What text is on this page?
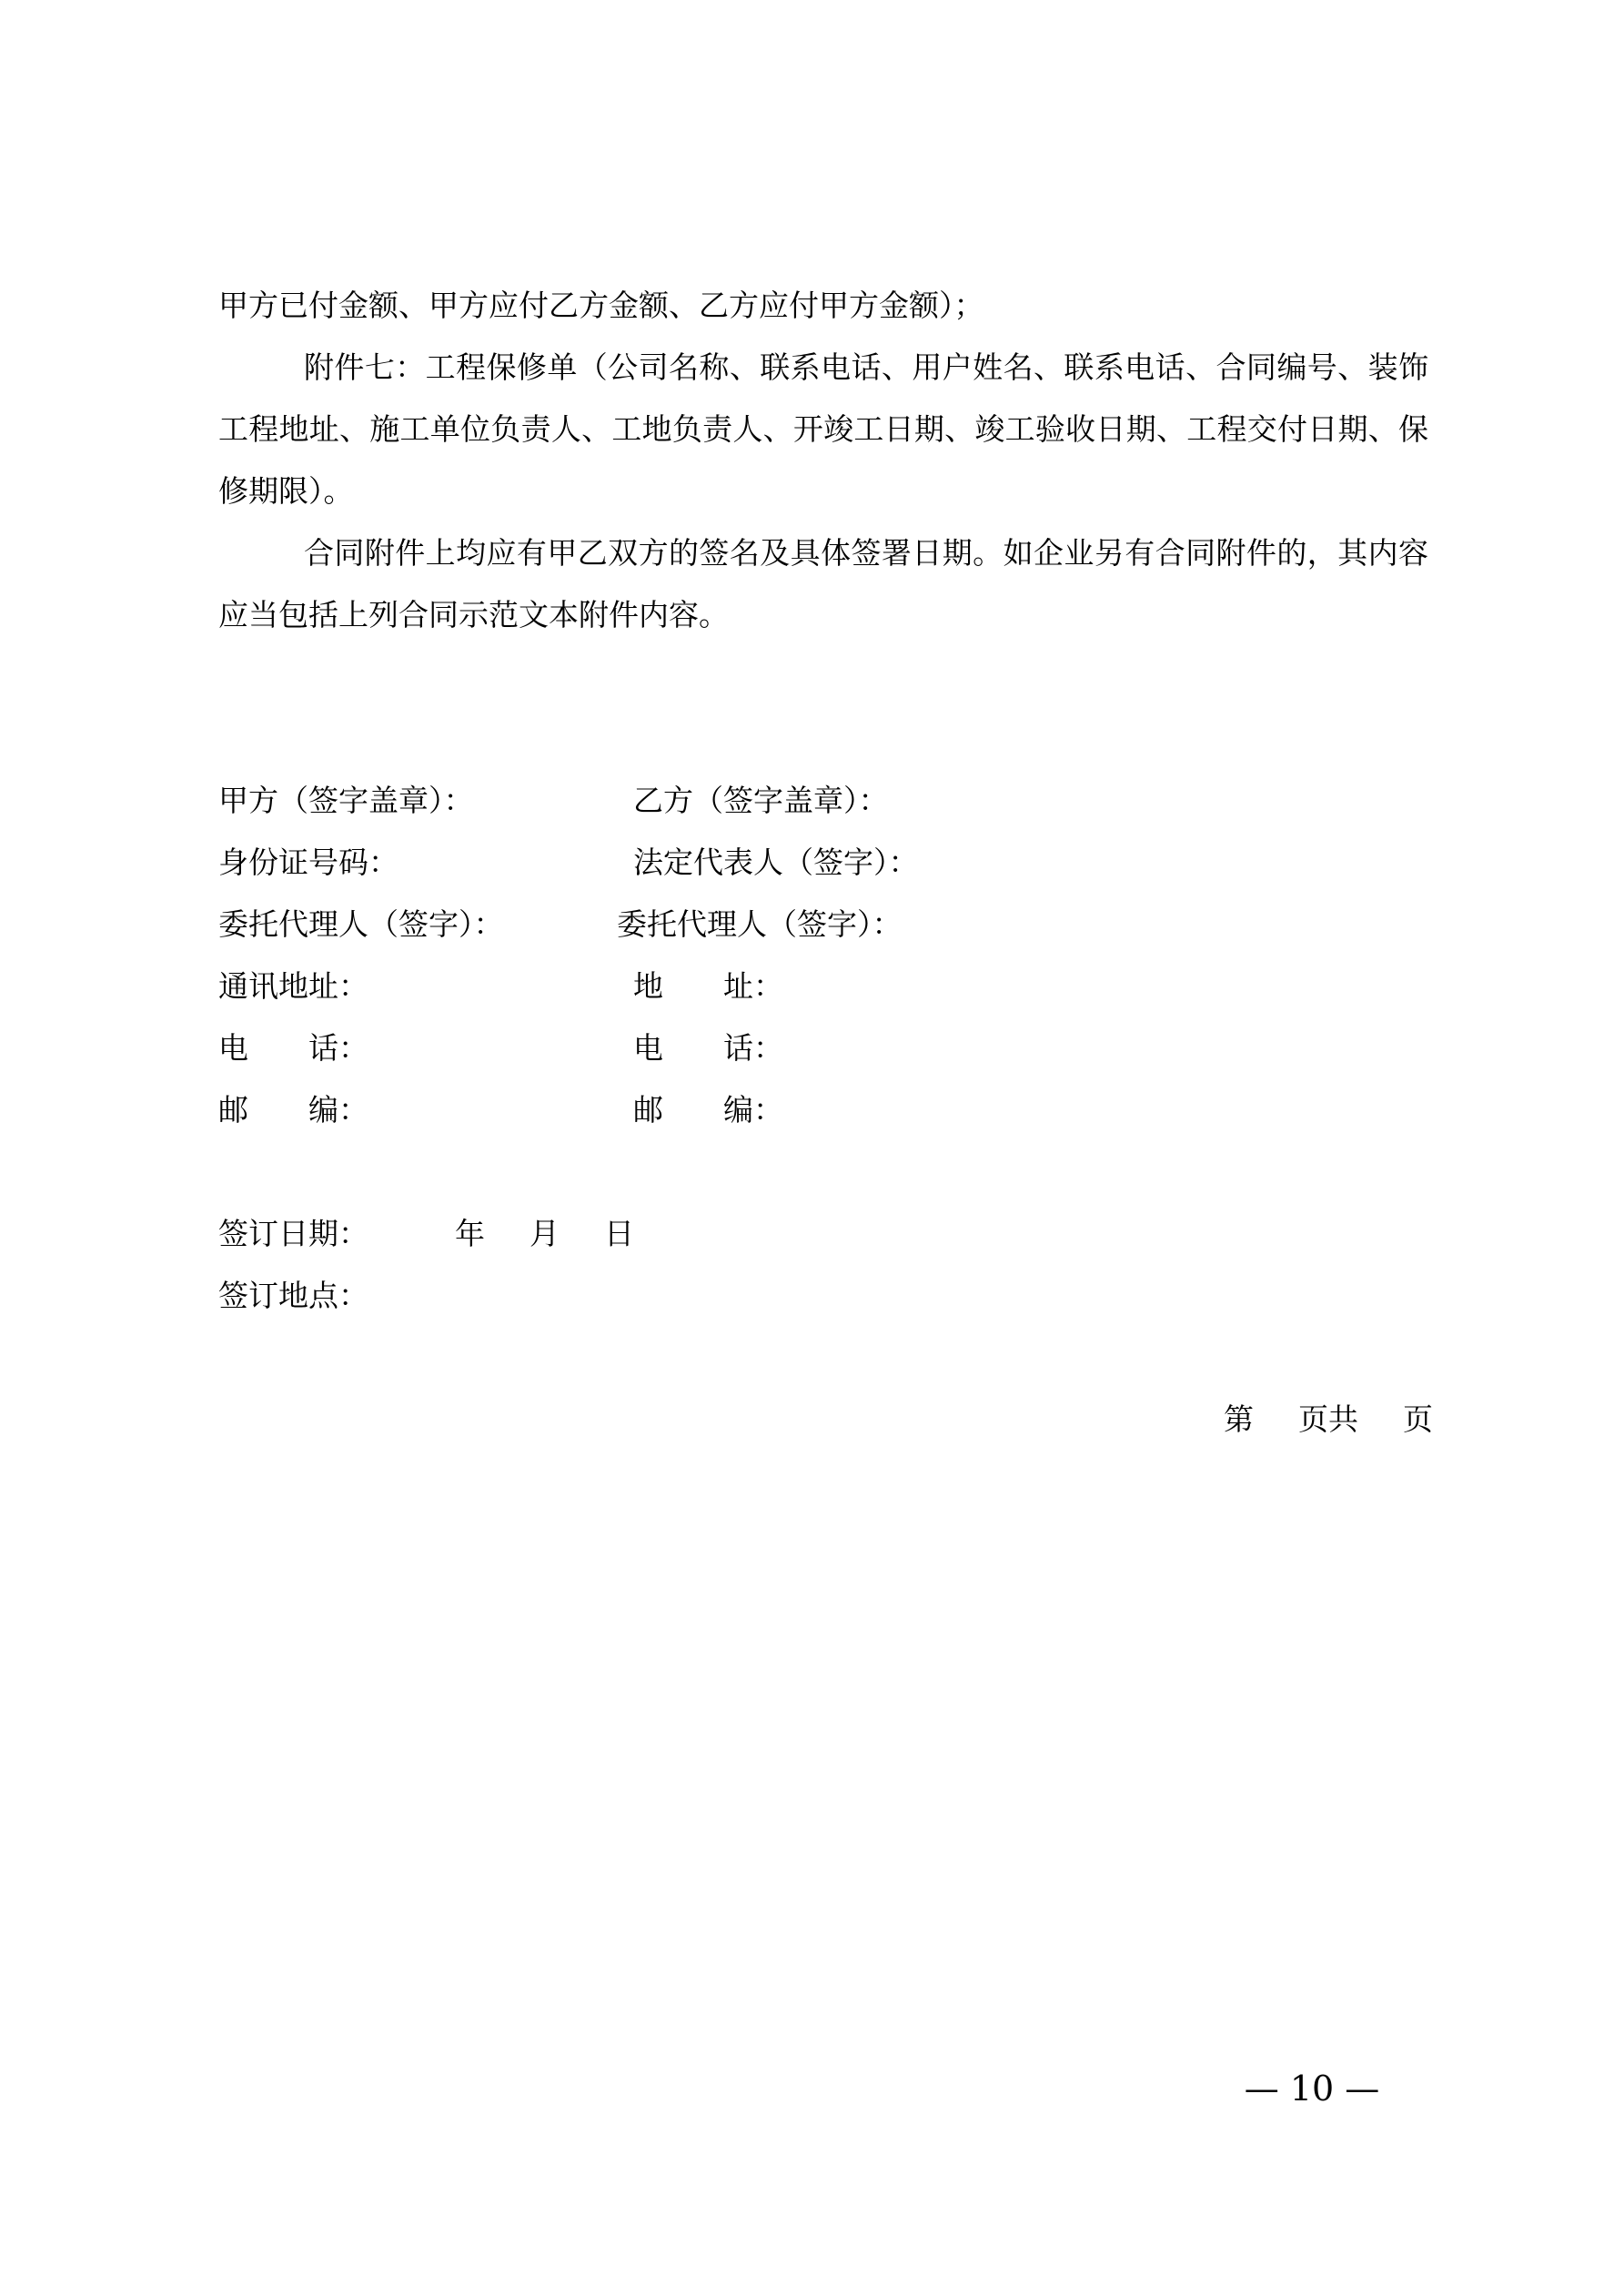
甲方已付金额、甲方应付乙方金额、乙方应付甲方金额）；

附件七：工程保修单（公司名称、联系电话、用户姓名、联系电话、合同编号、装饰工程地址、施工单位负责人、工地负责人、开竣工日期、竣工验收日期、工程交付日期、保修期限）。

合同附件上均应有甲乙双方的签名及具体签署日期。如企业另有合同附件的，其内容应当包括上列合同示范文本附件内容。

甲方（签字盖章）：
身份证号码：
委托代理人（签字）：
通讯地址：
电　　话：
邮　　编：
乙方（签字盖章）：
法定代表人（签字）：
委托代理人（签字）：
地　　址：
电　　话：
邮　　编：
签订日期：	年 月 日
签订地点：
第 页共 页
— 10 —
